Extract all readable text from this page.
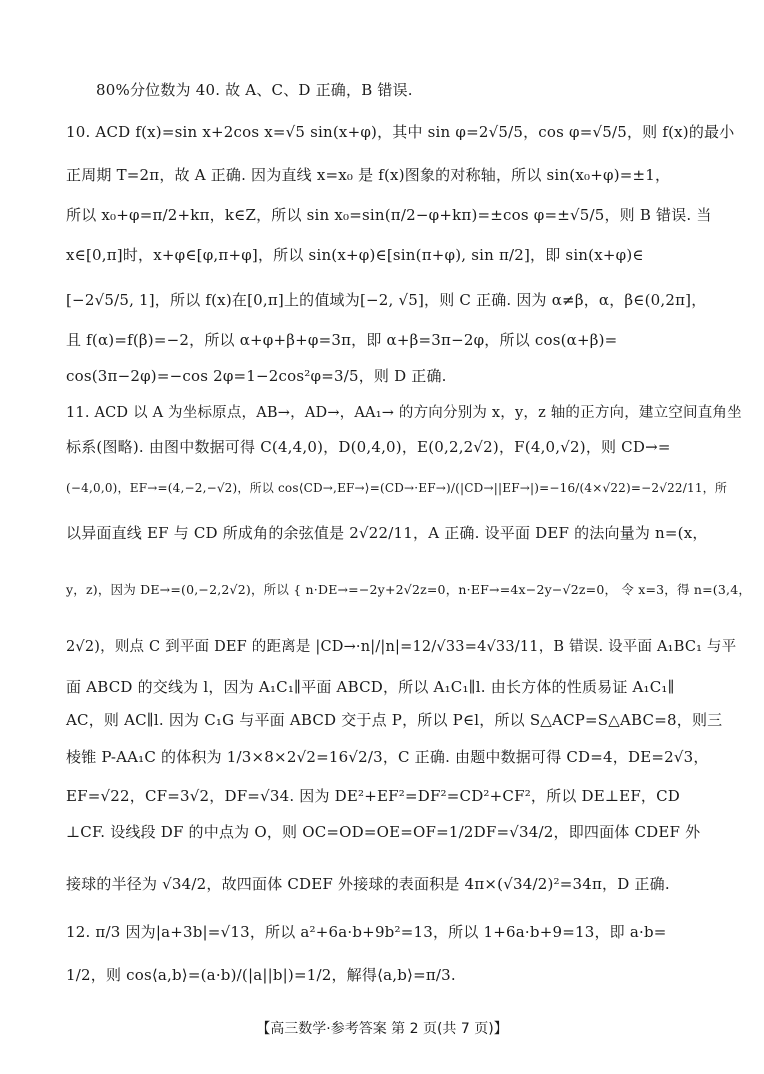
80%分位数为 40. 故 A、C、D 正确，B 错误.
10. ACD f(x)=sin x+2cos x=√5 sin(x+φ)，其中 sin φ=2√5/5，cos φ=√5/5，则 f(x)的最小
正周期 T=2π，故 A 正确. 因为直线 x=x₀ 是 f(x)图象的对称轴，所以 sin(x₀+φ)=±1，
所以 x₀+φ=π/2+kπ，k∈Z，所以 sin x₀=sin(π/2−φ+kπ)=±cos φ=±√5/5，则 B 错误. 当
x∈[0,π]时，x+φ∈[φ,π+φ]，所以 sin(x+φ)∈[sin(π+φ), sin π/2]，即 sin(x+φ)∈
[−2√5/5, 1]，所以 f(x)在[0,π]上的值域为[−2, √5]，则 C 正确. 因为 α≠β，α，β∈(0,2π]，
且 f(α)=f(β)=−2，所以 α+φ+β+φ=3π，即 α+β=3π−2φ，所以 cos(α+β)=
cos(3π−2φ)=−cos 2φ=1−2cos²φ=3/5，则 D 正确.
11. ACD 以 A 为坐标原点，AB→，AD→，AA₁→ 的方向分别为 x，y，z 轴的正方向，建立空间直角坐
标系(图略). 由图中数据可得 C(4,4,0)，D(0,4,0)，E(0,2,2√2)，F(4,0,√2)，则 CD→=
(−4,0,0)，EF→=(4,−2,−√2)，所以 cos⟨CD→,EF→⟩=(CD→·EF→)/(|CD→||EF→|)=−16/(4×√22)=−2√22/11，所
以异面直线 EF 与 CD 所成角的余弦值是 2√22/11，A 正确. 设平面 DEF 的法向量为 n=(x，
y，z)，因为 DE→=(0,−2,2√2)，所以 { n·DE→=−2y+2√2z=0，n·EF→=4x−2y−√2z=0， 令 x=3，得 n=(3,4，
2√2)，则点 C 到平面 DEF 的距离是 |CD→·n|/|n|=12/√33=4√33/11，B 错误. 设平面 A₁BC₁ 与平
面 ABCD 的交线为 l，因为 A₁C₁∥平面 ABCD，所以 A₁C₁∥l. 由长方体的性质易证 A₁C₁∥
AC，则 AC∥l. 因为 C₁G 与平面 ABCD 交于点 P，所以 P∈l，所以 S△ACP=S△ABC=8，则三
棱锥 P-AA₁C 的体积为 1/3×8×2√2=16√2/3，C 正确. 由题中数据可得 CD=4，DE=2√3，
EF=√22，CF=3√2，DF=√34. 因为 DE²+EF²=DF²=CD²+CF²，所以 DE⊥EF，CD
⊥CF. 设线段 DF 的中点为 O，则 OC=OD=OE=OF=1/2DF=√34/2，即四面体 CDEF 外
接球的半径为 √34/2，故四面体 CDEF 外接球的表面积是 4π×(√34/2)²=34π，D 正确.
12. π/3 因为|a+3b|=√13，所以 a²+6a·b+9b²=13，所以 1+6a·b+9=13，即 a·b=
1/2，则 cos⟨a,b⟩=(a·b)/(|a||b|)=1/2，解得⟨a,b⟩=π/3.
【高三数学·参考答案 第 2 页(共 7 页)】
